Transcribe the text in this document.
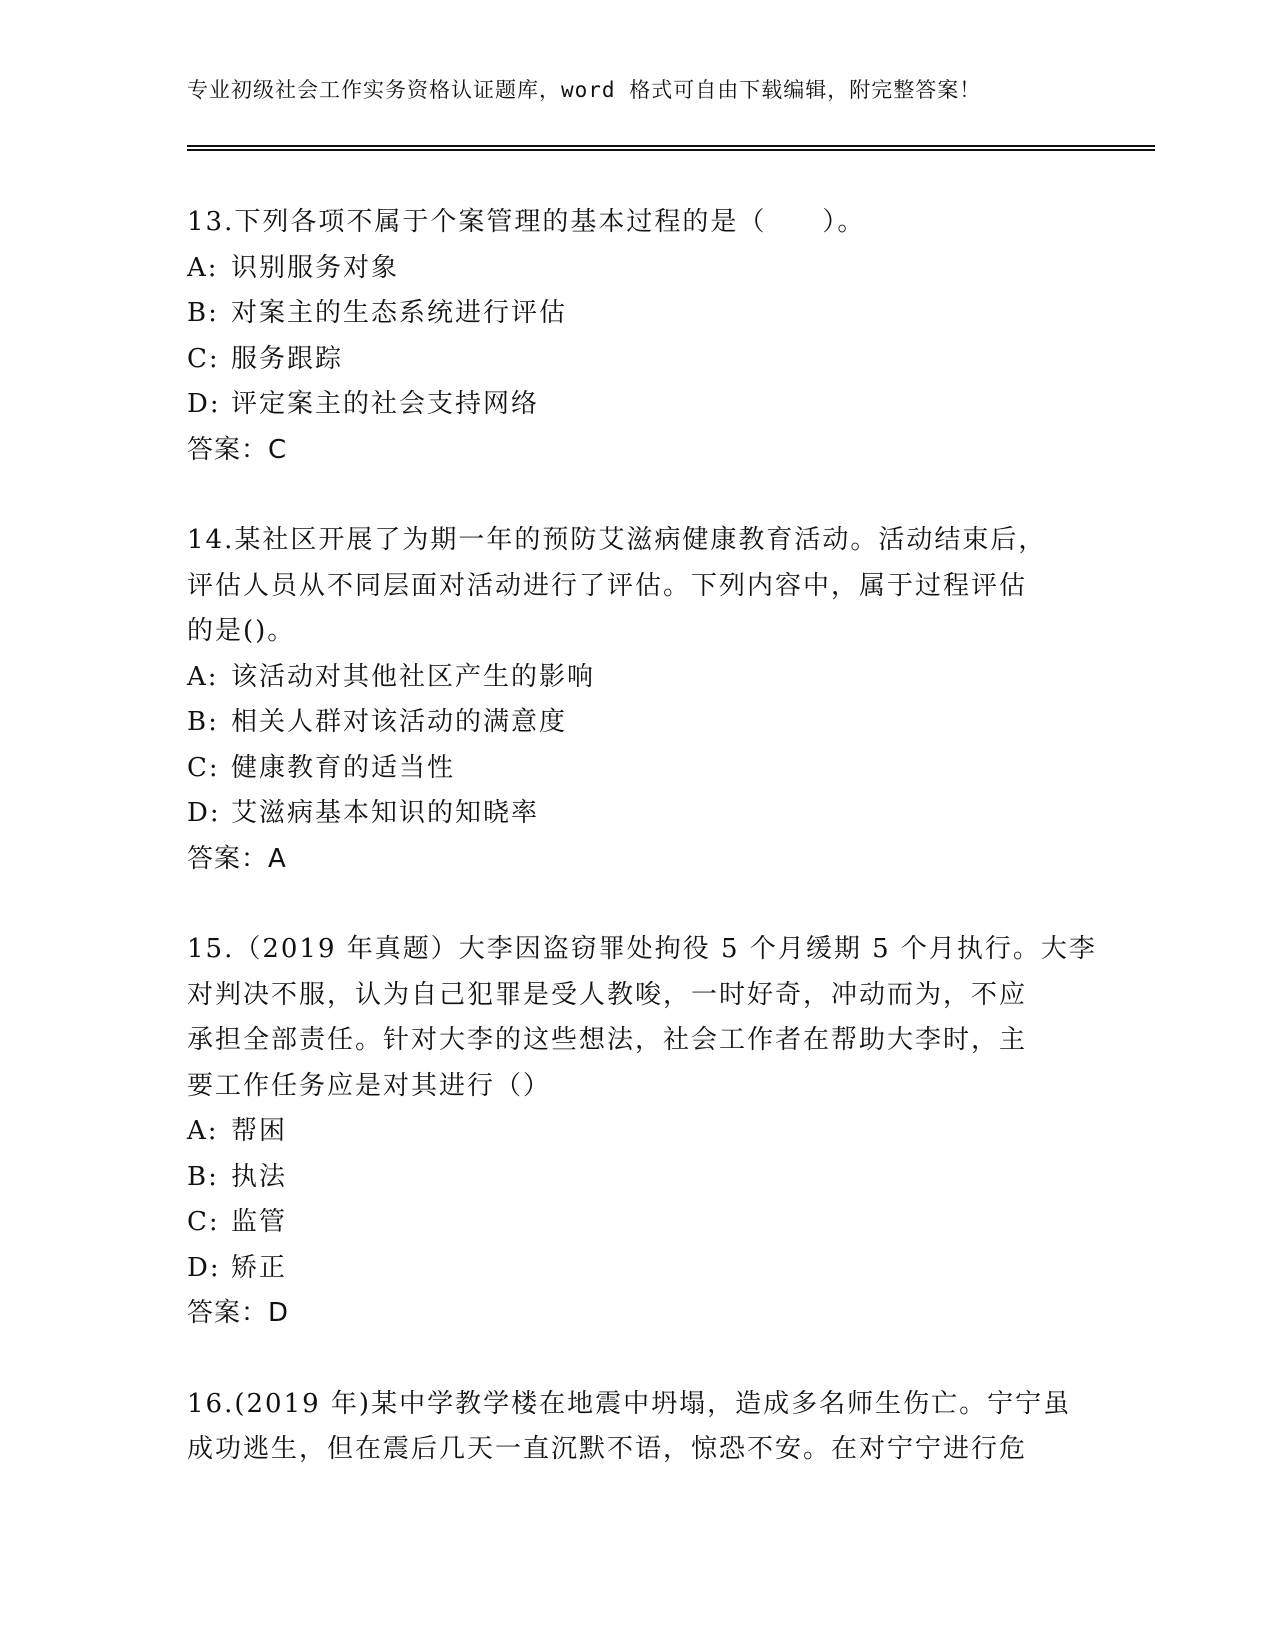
专业初级社会工作实务资格认证题库，word 格式可自由下载编辑，附完整答案！
13.下列各项不属于个案管理的基本过程的是（　　）。
A: 识别服务对象
B: 对案主的生态系统进行评估
C: 服务跟踪
D: 评定案主的社会支持网络
答案：C
14.某社区开展了为期一年的预防艾滋病健康教育活动。活动结束后，
评估人员从不同层面对活动进行了评估。下列内容中，属于过程评估
的是()。
A: 该活动对其他社区产生的影响
B: 相关人群对该活动的满意度
C: 健康教育的适当性
D: 艾滋病基本知识的知晓率
答案：A
15.（2019 年真题）大李因盗窃罪处拘役 5 个月缓期 5 个月执行。大李
对判决不服，认为自己犯罪是受人教唆，一时好奇，冲动而为，不应
承担全部责任。针对大李的这些想法，社会工作者在帮助大李时，主
要工作任务应是对其进行（）
A: 帮困
B: 执法
C: 监管
D: 矫正
答案：D
16.(2019 年)某中学教学楼在地震中坍塌，造成多名师生伤亡。宁宁虽
成功逃生，但在震后几天一直沉默不语，惊恐不安。在对宁宁进行危
